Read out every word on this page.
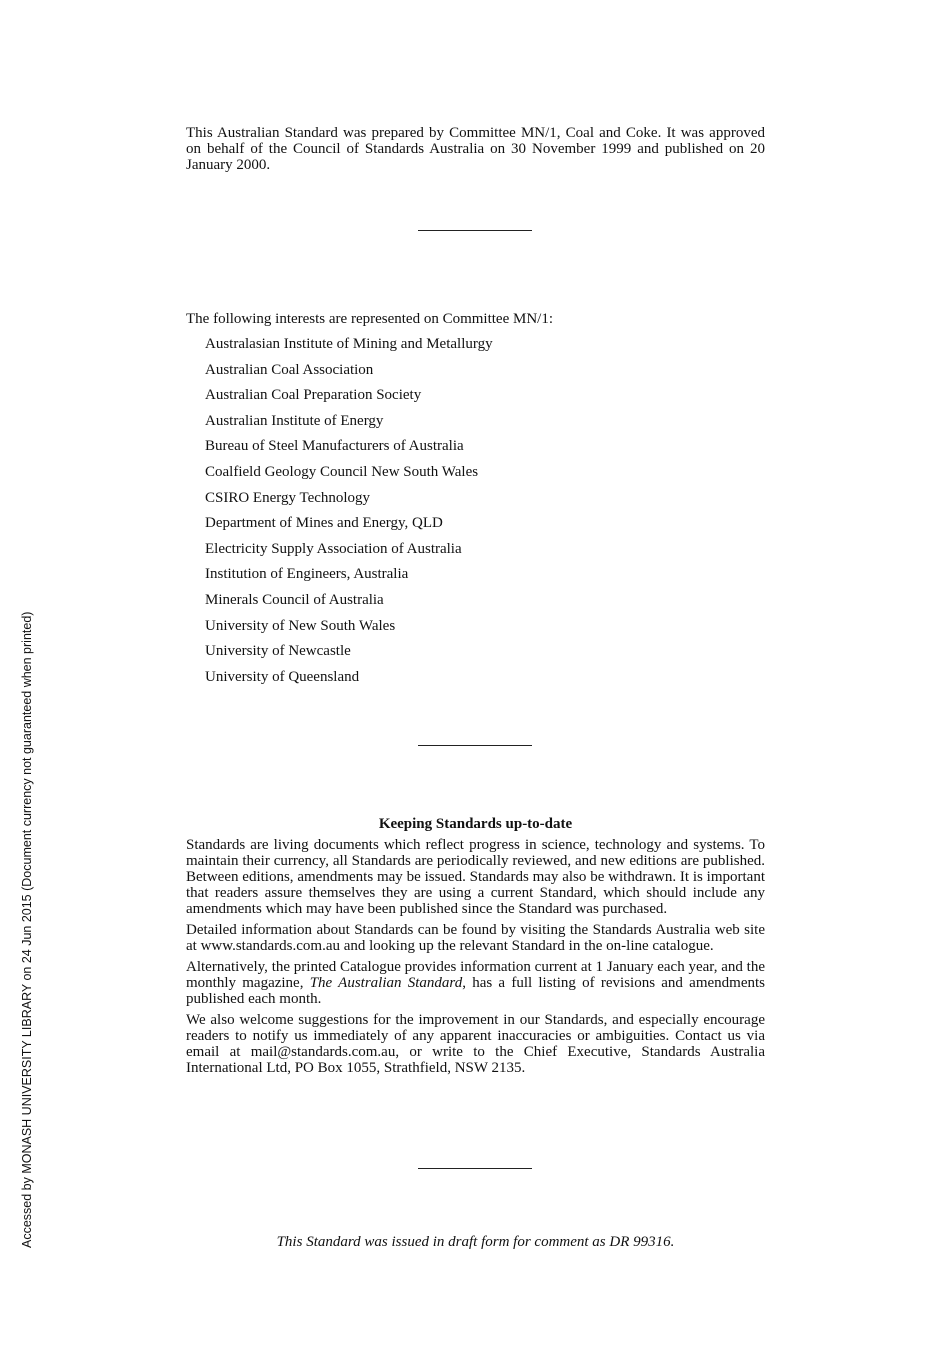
This Australian Standard was prepared by Committee MN/1, Coal and Coke. It was approved on behalf of the Council of Standards Australia on 30 November 1999 and published on 20 January 2000.

The following interests are represented on Committee MN/1:

Australasian Institute of Mining and Metallurgy
Australian Coal Association
Australian Coal Preparation Society
Australian Institute of Energy
Bureau of Steel Manufacturers of Australia
Coalfield Geology Council New South Wales
CSIRO Energy Technology
Department of Mines and Energy, QLD
Electricity Supply Association of Australia
Institution of Engineers, Australia
Minerals Council of Australia
University of New South Wales
University of Newcastle
University of Queensland
Keeping Standards up-to-date

Standards are living documents which reflect progress in science, technology and systems. To maintain their currency, all Standards are periodically reviewed, and new editions are published. Between editions, amendments may be issued. Standards may also be withdrawn. It is important that readers assure themselves they are using a current Standard, which should include any amendments which may have been published since the Standard was purchased.

Detailed information about Standards can be found by visiting the Standards Australia web site at www.standards.com.au and looking up the relevant Standard in the on-line catalogue.

Alternatively, the printed Catalogue provides information current at 1 January each year, and the monthly magazine, The Australian Standard, has a full listing of revisions and amendments published each month.

We also welcome suggestions for the improvement in our Standards, and especially encourage readers to notify us immediately of any apparent inaccuracies or ambiguities. Contact us via email at mail@standards.com.au, or write to the Chief Executive, Standards Australia International Ltd, PO Box 1055, Strathfield, NSW 2135.

This Standard was issued in draft form for comment as DR 99316.

Accessed by MONASH UNIVERSITY LIBRARY on 24 Jun 2015 (Document currency not guaranteed when printed)
